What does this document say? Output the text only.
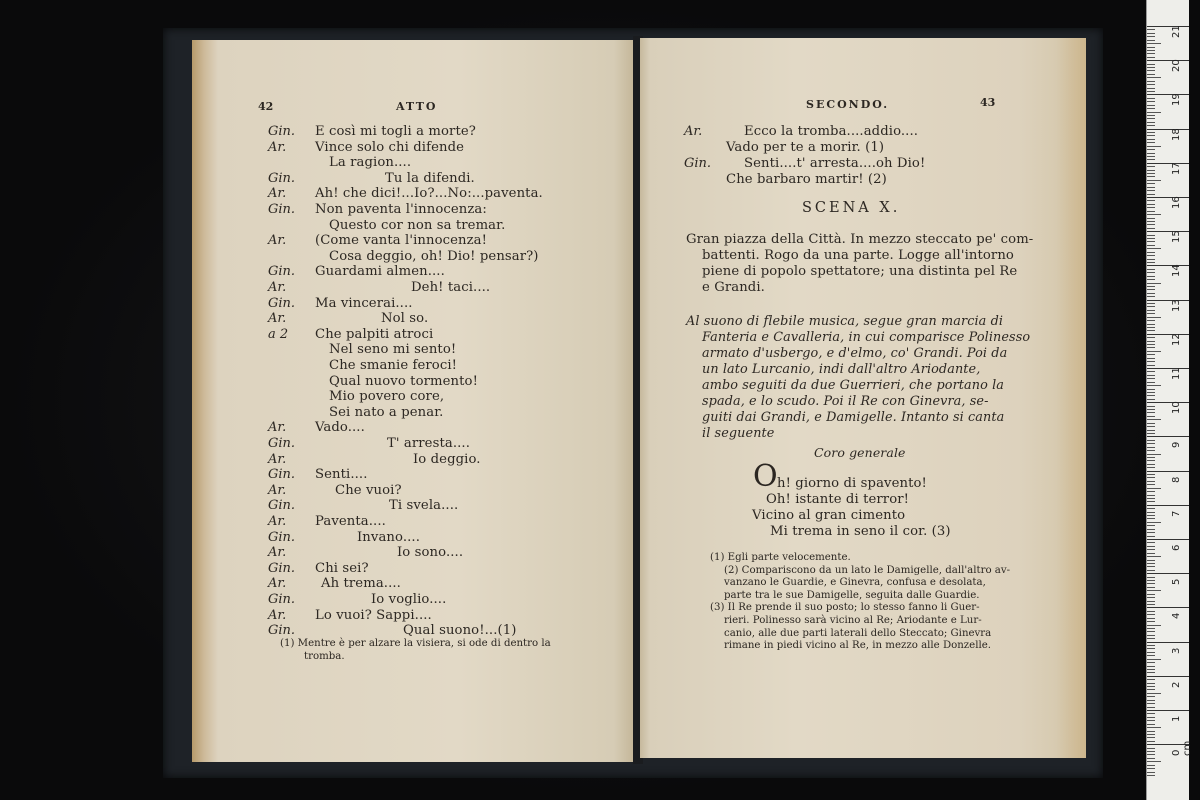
21
20
19
18
17
16
15
14
13
12
11
10
9
8
7
6
5
4
3
2
1
0 cm
42	ATTO
Gin. E così mi togli a morte?
Ar. Vince solo chi difende
La ragion....
Gin.	Tu la difendi.
Ar. Ah! che dici!...Io?...No:...paventa.
Gin. Non paventa l'innocenza:
Questo cor non sa tremar.
Ar. (Come vanta l'innocenza!
Cosa deggio, oh! Dio! pensar?)
Gin. Guardami almen....
Ar.	Deh! taci....
Gin. Ma vincerai....
Ar.	Nol so.
a 2 Che palpiti atroci
Nel seno mi sento!
Che smanie feroci!
Qual nuovo tormento!
Mio povero core,
Sei nato a penar.
Ar. Vado....
Gin.	T' arresta....
Ar.	Io deggio.
Gin. Senti....
Ar.	Che vuoi?
Gin.	Ti svela....
Ar. Paventa....
Gin.	Invano....
Ar.	Io sono....
Gin. Chi sei?
Ar.	Ah trema....
Gin.	Io voglio....
Ar. Lo vuoi? Sappi....
Gin.	Qual suono!...(1)
(1) Mentre è per alzare la visiera, si ode di dentro la
tromba.
SECONDO.	43
SCENA X.
Coro generale
O
Ar.	Ecco la tromba....addio....
Vado per te a morir. (1)
Gin. Senti....t' arresta....oh Dio!
Che barbaro martir! (2)
Gran piazza della Città. In mezzo steccato pe' com-
battenti. Rogo da una parte. Logge all'intorno
piene di popolo spettatore; una distinta pel Re
e Grandi.
Al suono di flebile musica, segue gran marcia di
Fanteria e Cavalleria, in cui comparisce Polinesso
armato d'usbergo, e d'elmo, co' Grandi. Poi da
un lato Lurcanio, indi dall'altro Ariodante,
ambo seguiti da due Guerrieri, che portano la
spada, e lo scudo. Poi il Re con Ginevra, se-
guiti dai Grandi, e Damigelle. Intanto si canta
il seguente
h! giorno di spavento!
Oh! istante di terror!
Vicino al gran cimento
Mi trema in seno il cor. (3)
(1) Egli parte velocemente.
(2) Compariscono da un lato le Damigelle, dall'altro av-
vanzano le Guardie, e Ginevra, confusa e desolata,
parte tra le sue Damigelle, seguita dalle Guardie.
(3) Il Re prende il suo posto; lo stesso fanno li Guer-
rieri. Polinesso sarà vicino al Re; Ariodante e Lur-
canio, alle due parti laterali dello Steccato; Ginevra
rimane in piedi vicino al Re, in mezzo alle Donzelle.
